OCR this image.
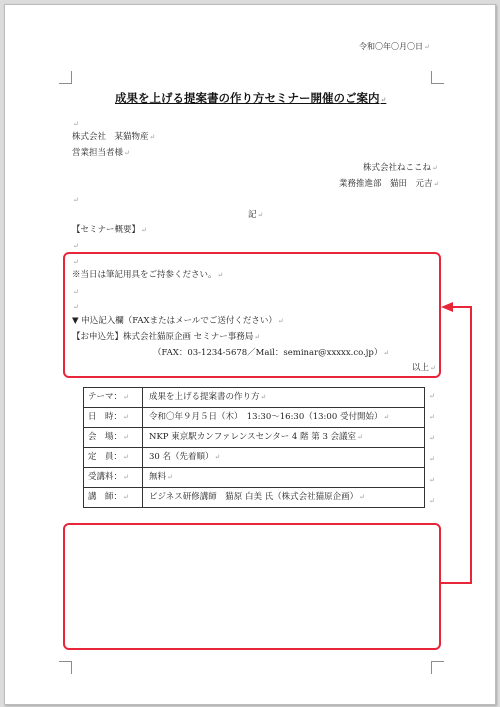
令和〇年〇月〇日↵
成果を上げる提案書の作り方セミナー開催のご案内↵
↵
株式会社　某猫物産↵
営業担当者様↵
株式会社ねここね↵
業務推進部　猫田　元吉↵
↵
記↵
【セミナー概要】↵
↵
↵
※当日は筆記用具をご持参ください。↵
↵
↵
▼ 申込記入欄（FAXまたはメールでご送付ください）↵
【お申込先】株式会社猫原企画 セミナー事務局↵
（FAX：03-1234-5678／Mail：seminar@xxxxx.co.jp）↵
以上↵
テーマ：↵	成果を上げる提案書の作り方↵
日　時：↵	令和〇年９月５日（木）　13:30～16:30（13:00 受付開始）↵
会　場：↵	NKP 東京駅カンファレンスセンター 4 階 第 3 会議室↵
定　員：↵	30 名（先着順）↵
受講料：↵	無料↵
講　師：↵	ビジネス研修講師　猫原 白美 氏（株式会社猫原企画）↵
↵
↵
↵
↵
↵
↵
